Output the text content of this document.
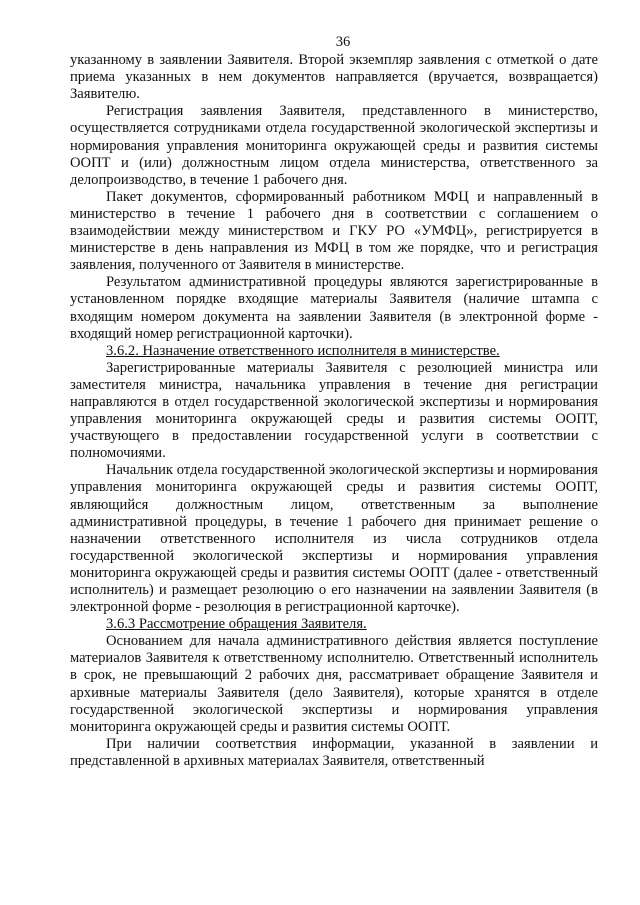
36

указанному в заявлении Заявителя. Второй экземпляр заявления с отметкой о дате приема указанных в нем документов направляется (вручается, возвращается) Заявителю.

Регистрация заявления Заявителя, представленного в министерство, осуществляется сотрудниками отдела государственной экологической экспертизы и нормирования управления мониторинга окружающей среды и развития системы ООПТ и (или) должностным лицом отдела министерства, ответственного за делопроизводство, в течение 1 рабочего дня.

Пакет документов, сформированный работником МФЦ и направленный в министерство в течение 1 рабочего дня в соответствии с соглашением о взаимодействии между министерством и ГКУ РО «УМФЦ», регистрируется в министерстве в день направления из МФЦ в том же порядке, что и регистрация заявления, полученного от Заявителя в министерстве.

Результатом административной процедуры являются зарегистрированные в установленном порядке входящие материалы Заявителя (наличие штампа с входящим номером документа на заявлении Заявителя (в электронной форме - входящий номер регистрационной карточки).

3.6.2. Назначение ответственного исполнителя в министерстве.

Зарегистрированные материалы Заявителя с резолюцией министра или заместителя министра, начальника управления в течение дня регистрации направляются в отдел государственной экологической экспертизы и нормирования управления мониторинга окружающей среды и развития системы ООПТ, участвующего в предоставлении государственной услуги в соответствии с полномочиями.

Начальник отдела государственной экологической экспертизы и нормирования управления мониторинга окружающей среды и развития системы ООПТ, являющийся должностным лицом, ответственным за выполнение административной процедуры, в течение 1 рабочего дня принимает решение о назначении ответственного исполнителя из числа сотрудников отдела государственной экологической экспертизы и нормирования управления мониторинга окружающей среды и развития системы ООПТ (далее - ответственный исполнитель) и размещает резолюцию о его назначении на заявлении Заявителя (в электронной форме - резолюция в регистрационной карточке).

3.6.3 Рассмотрение обращения Заявителя.

Основанием для начала административного действия является поступление материалов Заявителя к ответственному исполнителю. Ответственный исполнитель в срок, не превышающий 2 рабочих дня, рассматривает обращение Заявителя и архивные материалы Заявителя (дело Заявителя), которые хранятся в отделе государственной экологической экспертизы и нормирования управления мониторинга окружающей среды и развития системы ООПТ.

При наличии соответствия информации, указанной в заявлении и представленной в архивных материалах Заявителя, ответственный
